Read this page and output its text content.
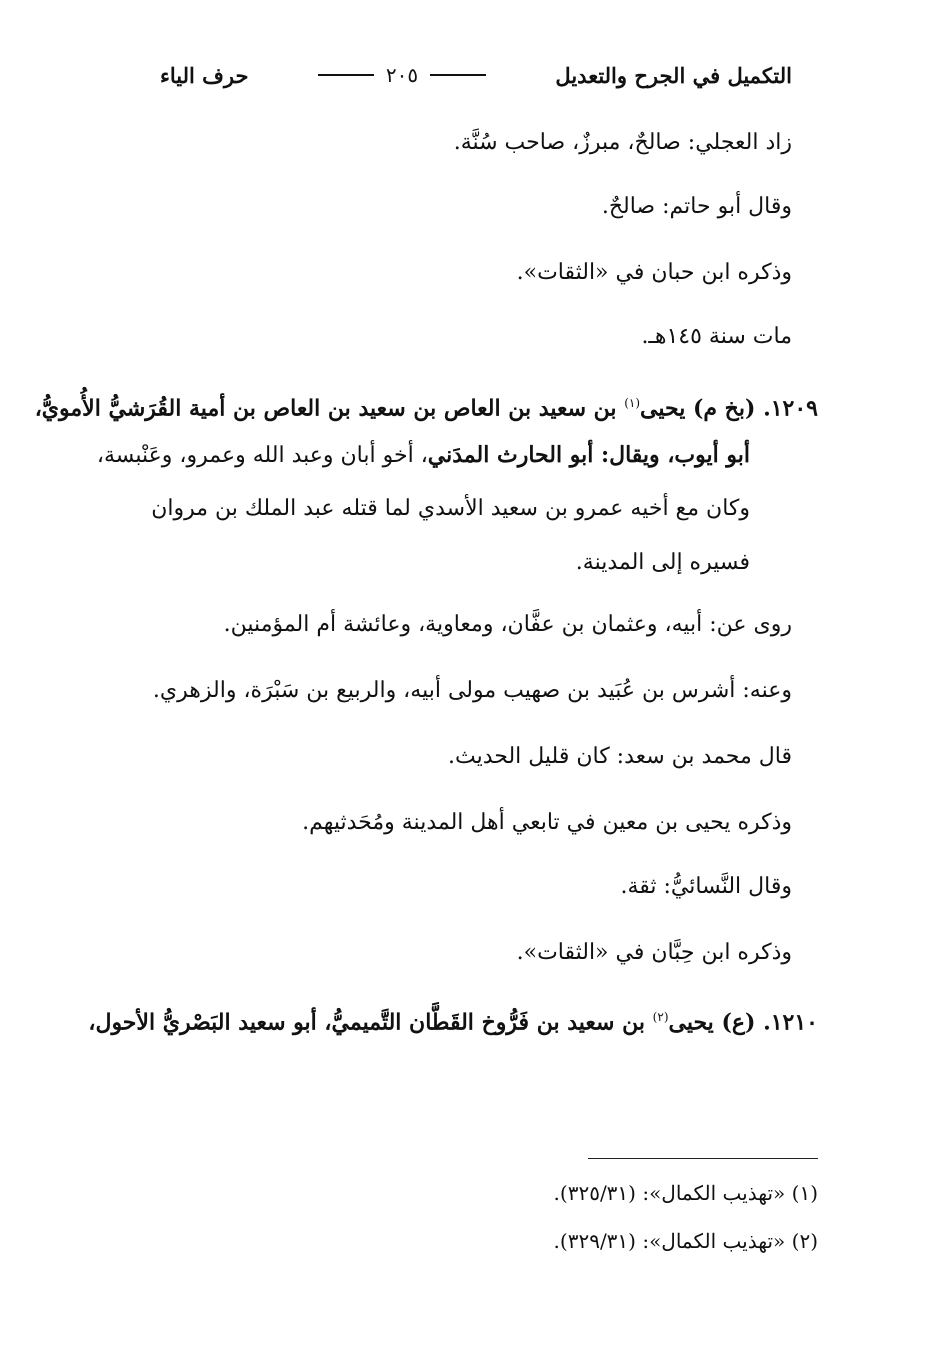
التكميل في الجرح والتعديل
٢٠٥
حرف الياء
زاد العجلي: صالحٌ، مبرزٌ، صاحب سُنَّة.
وقال أبو حاتم: صالحٌ.
وذكره ابن حبان في «الثقات».
مات سنة ١٤٥هـ.
١٢٠٩. (بخ م) يحيى$^{(١)}$ بن سعيد بن العاص بن سعيد بن العاص بن أمية القُرَشيُّ الأُمويُّ،
أبو أيوب، ويقال: أبو الحارث المدَني، أخو أبان وعبد الله وعمرو، وعَنْبسة،
وكان مع أخيه عمرو بن سعيد الأسدي لما قتله عبد الملك بن مروان
فسيره إلى المدينة.
روى عن: أبيه، وعثمان بن عفَّان، ومعاوية، وعائشة أم المؤمنين.
وعنه: أشرس بن عُبَيد بن صهيب مولى أبيه، والربيع بن سَبْرَة، والزهري.
قال محمد بن سعد: كان قليل الحديث.
وذكره يحيى بن معين في تابعي أهل المدينة ومُحَدثيهم.
وقال النَّسائيُّ: ثقة.
وذكره ابن حِبَّان في «الثقات».
١٢١٠. (ع) يحيى$^{(٢)}$ بن سعيد بن فَرُّوخ القَطَّان التَّميميُّ، أبو سعيد البَصْريُّ الأحول،
(١) «تهذيب الكمال»: (٣٢٥/٣١).
(٢) «تهذيب الكمال»: (٣٢٩/٣١).
